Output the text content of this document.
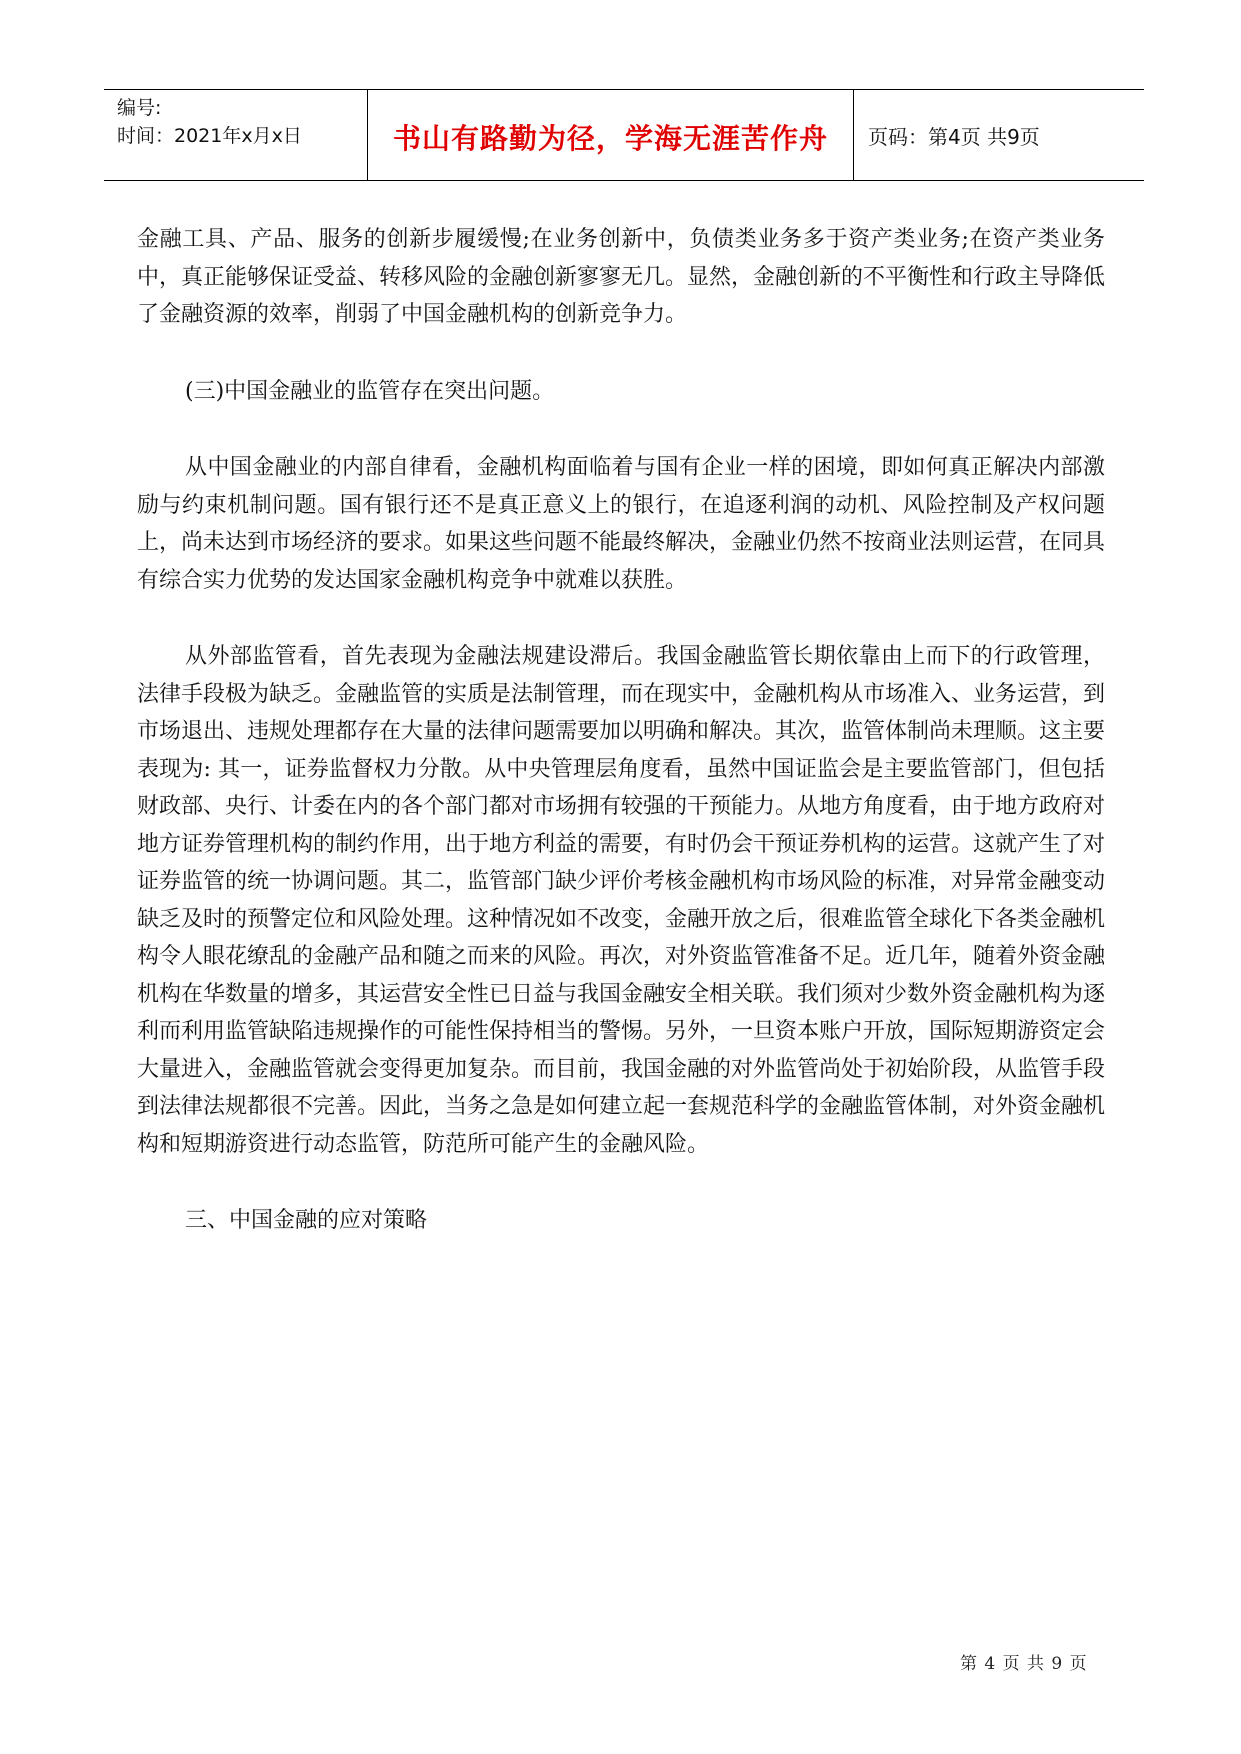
编号:
时间：2021年x月x日	书山有路勤为径，学海无涯苦作舟 页码：第4页 共9页

金融工具、产品、服务的创新步履缓慢;在业务创新中，负债类业务多于资产类业务;在资产类业务中，真正能够保证受益、转移风险的金融创新寥寥无几。显然，金融创新的不平衡性和行政主导降低了金融资源的效率，削弱了中国金融机构的创新竞争力。

(三)中国金融业的监管存在突出问题。

从中国金融业的内部自律看，金融机构面临着与国有企业一样的困境，即如何真正解决内部激励与约束机制问题。国有银行还不是真正意义上的银行，在追逐利润的动机、风险控制及产权问题上，尚未达到市场经济的要求。如果这些问题不能最终解决，金融业仍然不按商业法则运营，在同具有综合实力优势的发达国家金融机构竞争中就难以获胜。

从外部监管看，首先表现为金融法规建设滞后。我国金融监管长期依靠由上而下的行政管理，法律手段极为缺乏。金融监管的实质是法制管理，而在现实中，金融机构从市场准入、业务运营，到市场退出、违规处理都存在大量的法律问题需要加以明确和解决。其次，监管体制尚未理顺。这主要表现为: 其一，证券监督权力分散。从中央管理层角度看，虽然中国证监会是主要监管部门，但包括财政部、央行、计委在内的各个部门都对市场拥有较强的干预能力。从地方角度看，由于地方政府对地方证券管理机构的制约作用，出于地方利益的需要，有时仍会干预证券机构的运营。这就产生了对证券监管的统一协调问题。其二，监管部门缺少评价考核金融机构市场风险的标准，对异常金融变动缺乏及时的预警定位和风险处理。这种情况如不改变，金融开放之后，很难监管全球化下各类金融机构令人眼花缭乱的金融产品和随之而来的风险。再次，对外资监管准备不足。近几年，随着外资金融机构在华数量的增多，其运营安全性已日益与我国金融安全相关联。我们须对少数外资金融机构为逐利而利用监管缺陷违规操作的可能性保持相当的警惕。另外，一旦资本账户开放，国际短期游资定会大量进入，金融监管就会变得更加复杂。而目前，我国金融的对外监管尚处于初始阶段，从监管手段到法律法规都很不完善。因此，当务之急是如何建立起一套规范科学的金融监管体制，对外资金融机构和短期游资进行动态监管，防范所可能产生的金融风险。

三、中国金融的应对策略

第 4 页 共 9 页
